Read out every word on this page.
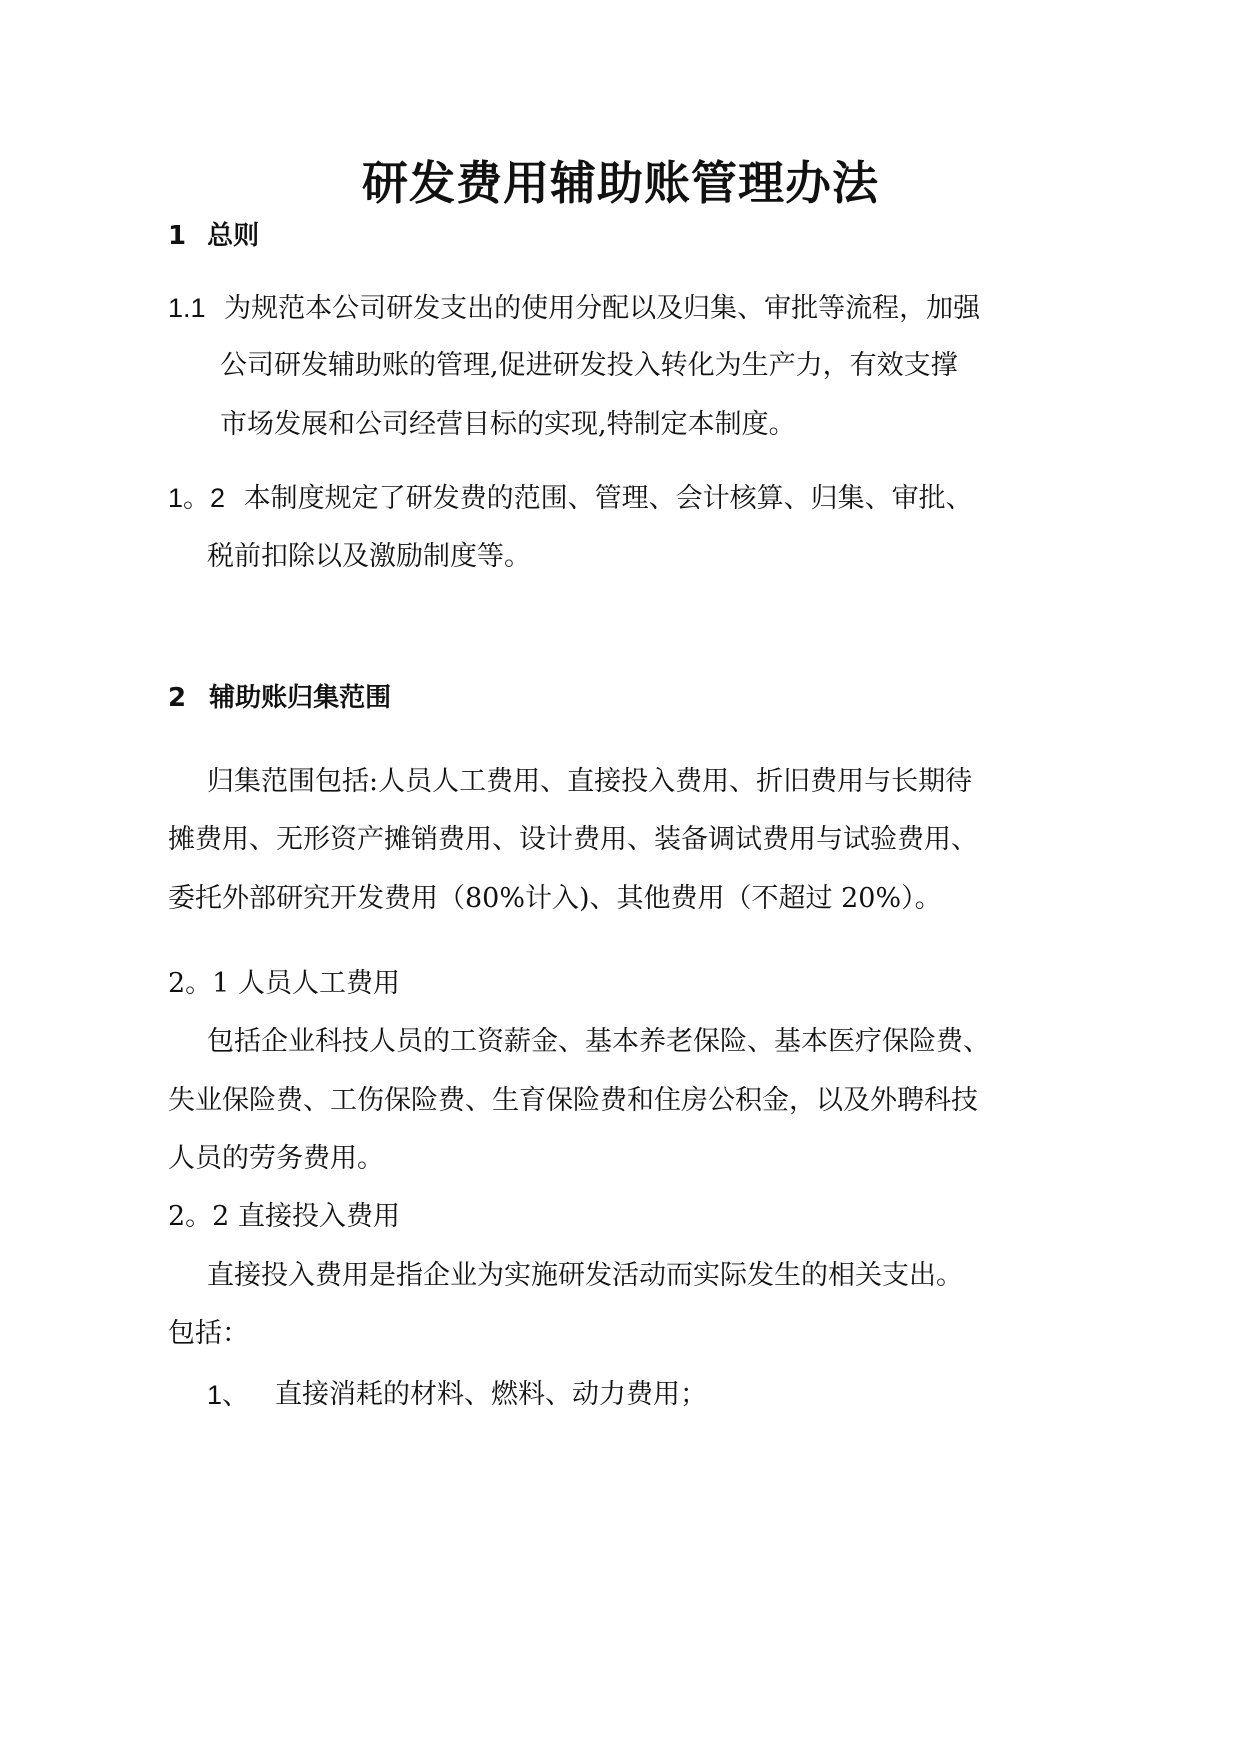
研发费用辅助账管理办法
1 总则
1.1 为规范本公司研发支出的使用分配以及归集、审批等流程，加强
公司研发辅助账的管理,促进研发投入转化为生产力，有效支撑
市场发展和公司经营目标的实现,特制定本制度。
1。2 本制度规定了研发费的范围、管理、会计核算、归集、审批、
税前扣除以及激励制度等。
2 辅助账归集范围
归集范围包括:人员人工费用、直接投入费用、折旧费用与长期待
摊费用、无形资产摊销费用、设计费用、装备调试费用与试验费用、
委托外部研究开发费用（80%计入)、其他费用（不超过 20%）。
2。1 人员人工费用
包括企业科技人员的工资薪金、基本养老保险、基本医疗保险费、
失业保险费、工伤保险费、生育保险费和住房公积金，以及外聘科技
人员的劳务费用。
2。2 直接投入费用
直接投入费用是指企业为实施研发活动而实际发生的相关支出。
包括：
1、 直接消耗的材料、燃料、动力费用；
